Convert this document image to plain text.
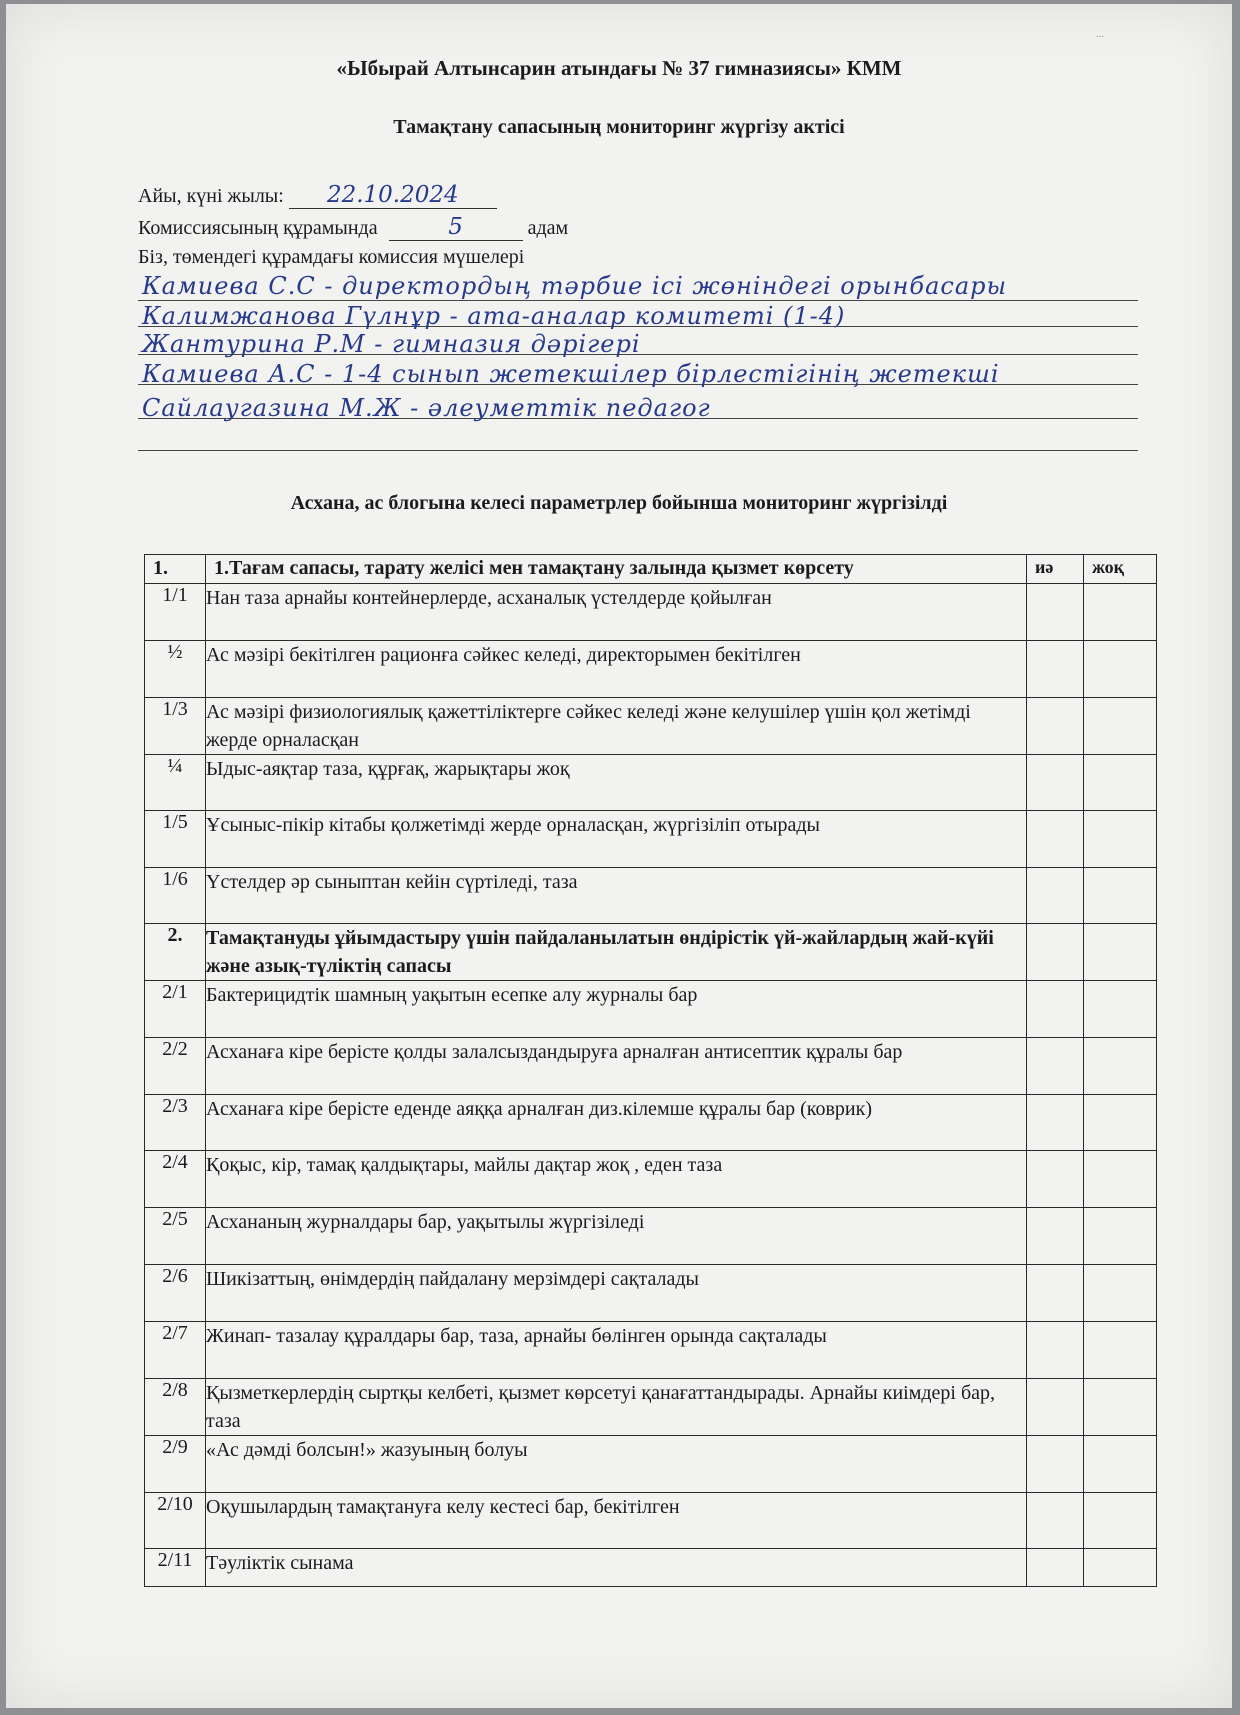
...
«Ыбырай Алтынсарин атындағы № 37 гимназиясы» КММ
Тамақтану сапасының мониторинг жүргізу актісі
Айы, күні жылы: 22.10.2024
Комиссиясының құрамында	5	адам
Біз, төмендегі құрамдағы комиссия мүшелері
Камиева С.С - директордың тәрбие ісі жөніндегі орынбасары
Калимжанова Гүлнұр - ата-аналар комитеті (1-4)
Жантурина Р.М - гимназия дәрігері
Камиева А.С - 1-4 сынып жетекшілер бірлестігінің жетекші
Сайлаугазина М.Ж - әлеуметтік педагог
Асхана, ас блогына келесі параметрлер бойынша мониторинг жүргізілді
1.	1.Тағам сапасы, тарату желісі мен тамақтану залында қызмет көрсету	иә	жоқ
1/1	Нан таза арнайы контейнерлерде, асханалық үстелдерде қойылған		
½	Ас мәзірі бекітілген рационға сәйкес келеді, директорымен бекітілген		
1/3	Ас мәзірі физиологиялық қажеттіліктерге сәйкес келеді және келушілер үшін қол жетімді жерде орналасқан		
¼	Ыдыс-аяқтар таза, құрғақ, жарықтары жоқ		
1/5	Ұсыныс-пікір кітабы қолжетімді жерде орналасқан, жүргізіліп отырады		
1/6	Үстелдер әр сыныптан кейін сүртіледі, таза		
2.	Тамақтануды ұйымдастыру үшін пайдаланылатын өндірістік үй-жайлардың жай-күйі және азық-түліктің сапасы		
2/1	Бактерицидтік шамның уақытын есепке алу журналы бар		
2/2	Асханаға кіре берісте қолды залалсыздандыруға арналған антисептик құралы бар		
2/3	Асханаға кіре берісте еденде аяққа арналған диз.кілемше құралы бар (коврик)		
2/4	Қоқыс, кір, тамақ қалдықтары, майлы дақтар жоқ , еден таза		
2/5	Асхананың журналдары бар, уақытылы жүргізіледі		
2/6	Шикізаттың, өнімдердің пайдалану мерзімдері сақталады		
2/7	Жинап- тазалау құралдары бар, таза, арнайы бөлінген орында сақталады		
2/8	Қызметкерлердің сыртқы келбеті, қызмет көрсетуі қанағаттандырады. Арнайы киімдері бар, таза		
2/9	«Ас дәмді болсын!» жазуының болуы		
2/10	Оқушылардың тамақтануға келу кестесі бар, бекітілген		
2/11	Тәуліктік сынама		
